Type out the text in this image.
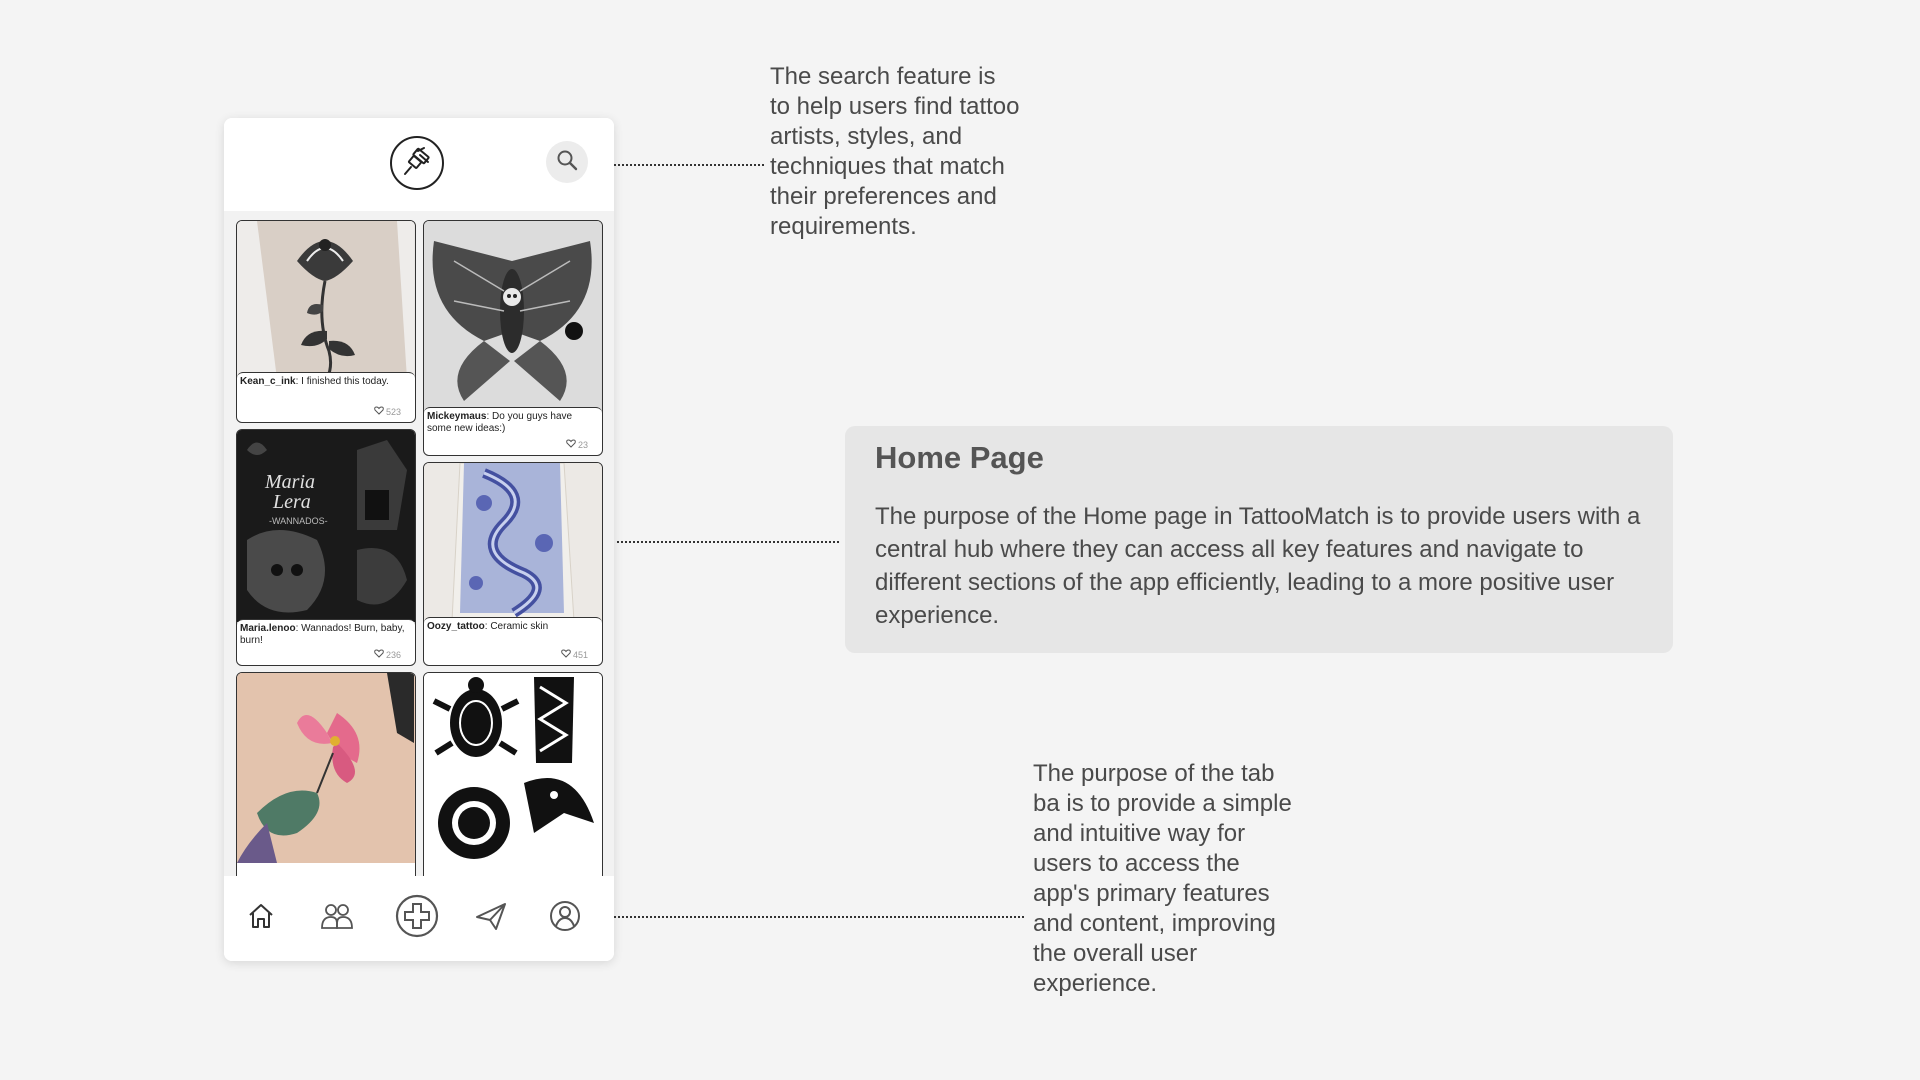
Kean_c_ink: I finished this today.
523	Mickeymaus: Do you guys have some new ideas:)
23
Maria
Lera
-WANNADOS-
Maria.lenoo: Wannados! Burn, baby, burn!
236
Oozy_tattoo: Ceramic skin
451
The search feature is to help users find tattoo artists, styles, and techniques that match their preferences and requirements.
Home Page

The purpose of the Home page in TattooMatch is to provide users with a central hub where they can access all key features and navigate to different sections of the app efficiently, leading to a more positive user experience.

The purpose of the tab ba is to provide a simple and intuitive way for users to access the app's primary features and content, improving the overall user experience.
